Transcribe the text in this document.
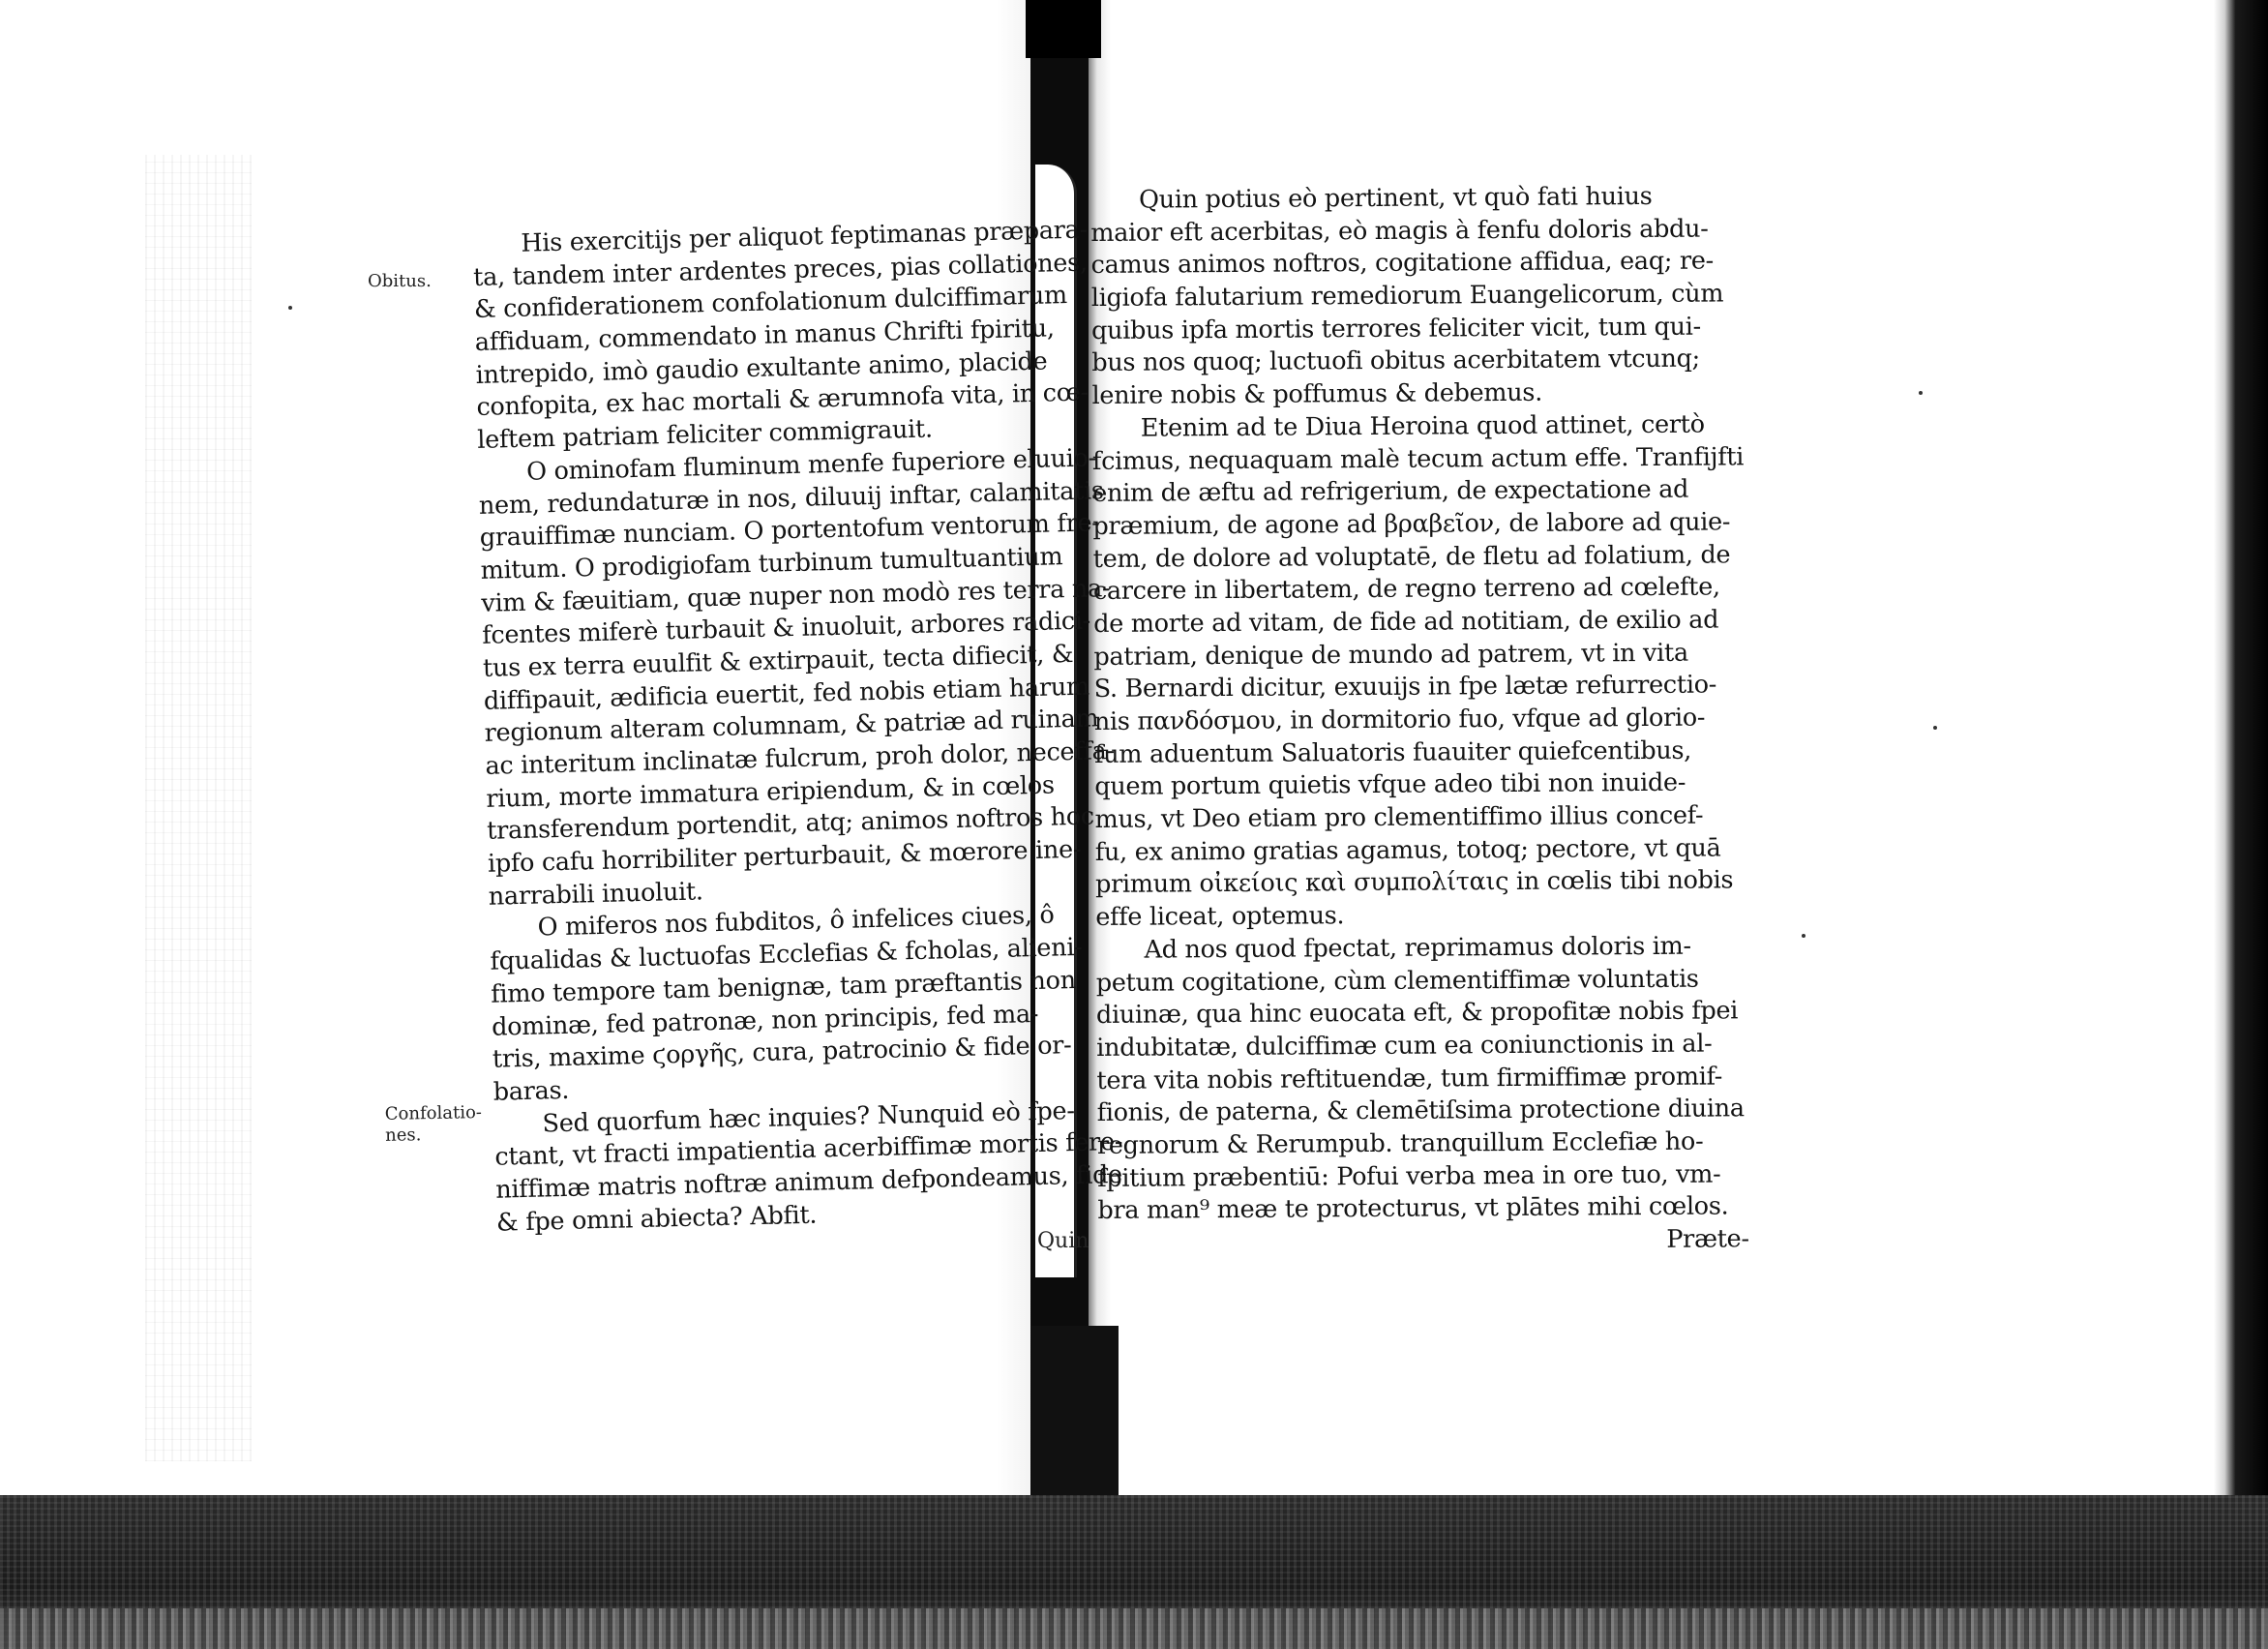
Obitus.
Confolatio-
nes.
His exercitijs per aliquot feptimanas præpara-
ta, tandem inter ardentes preces, pias collationes,
& confiderationem confolationum dulciffimarum
affiduam, commendato in manus Chrifti fpiritu,
intrepido, imò gaudio exultante animo, placide
confopita, ex hac mortali & ærumnofa vita, in cœ-
leftem patriam feliciter commigrauit.
O ominofam fluminum menfe fuperiore eluuio-
nem, redundaturæ in nos, diluuij inftar, calamitatis
grauiffimæ nunciam. O portentofum ventorum fre-
mitum. O prodigiofam turbinum tumultuantium
vim & fæuitiam, quæ nuper non modò res terra na-
fcentes miferè turbauit & inuoluit, arbores radici-
tus ex terra euulfit & extirpauit, tecta difiecit, &
diffipauit, ædificia euertit, fed nobis etiam harum
regionum alteram columnam, & patriæ ad ruinam
ac interitum inclinatæ fulcrum, proh dolor, neceffa-
rium, morte immatura eripiendum, & in cœlos
transferendum portendit, atq; animos noftros hoc
ipfo cafu horribiliter perturbauit, & mœrore ine-
narrabili inuoluit.
O miferos nos fubditos, ô infelices ciues, ô
fqualidas & luctuofas Ecclefias & fcholas, alieni-
fimo tempore tam benignæ, tam præftantis non
dominæ, fed patronæ, non principis, fed ma-
tris, maxime ϛοργῆς, cura, patrocinio & fide or-
baras.
Sed quorfum hæc inquies? Nunquid eò fpe-
ctant, vt fracti impatientia acerbiffimæ mortis fere-
niffimæ matris noftræ animum defpondeamus, fide
& fpe omni abiecta? Abfit.
Quin
Quin potius eò pertinent, vt quò fati huius
maior eft acerbitas, eò magis à fenfu doloris abdu-
camus animos noftros, cogitatione affidua, eaq; re-
ligiofa falutarium remediorum Euangelicorum, cùm
quibus ipfa mortis terrores feliciter vicit, tum qui-
bus nos quoq; luctuofi obitus acerbitatem vtcunq;
lenire nobis & poffumus & debemus.
Etenim ad te Diua Heroina quod attinet, certò
fcimus, nequaquam malè tecum actum effe. Tranfijfti
enim de æftu ad refrigerium, de expectatione ad
præmium, de agone ad βραβεῖον, de labore ad quie-
tem, de dolore ad voluptatē, de fletu ad folatium, de
carcere in libertatem, de regno terreno ad cœlefte,
de morte ad vitam, de fide ad notitiam, de exilio ad
patriam, denique de mundo ad patrem, vt in vita
S. Bernardi dicitur, exuuijs in fpe lætæ refurrectio-
nis πανδόσμου, in dormitorio fuo, vfque ad glorio-
fum aduentum Saluatoris fuauiter quiefcentibus,
quem portum quietis vfque adeo tibi non inuide-
mus, vt Deo etiam pro clementiffimo illius concef-
fu, ex animo gratias agamus, totoq; pectore, vt quā
primum οἰκείοις καὶ συμπολίταις in cœlis tibi nobis
effe liceat, optemus.
Ad nos quod fpectat, reprimamus doloris im-
petum cogitatione, cùm clementiffimæ voluntatis
diuinæ, qua hinc euocata eft, & propofitæ nobis fpei
indubitatæ, dulciffimæ cum ea coniunctionis in al-
tera vita nobis reftituendæ, tum firmiffimæ promif-
fionis, de paterna, & clemētiſsima protectione diuina
regnorum & Rerumpub. tranquillum Ecclefiæ ho-
fpitium præbentiū: Pofui verba mea in ore tuo, vm-
bra man⁹ meæ te protecturus, vt plātes mihi cœlos.
Præte-
